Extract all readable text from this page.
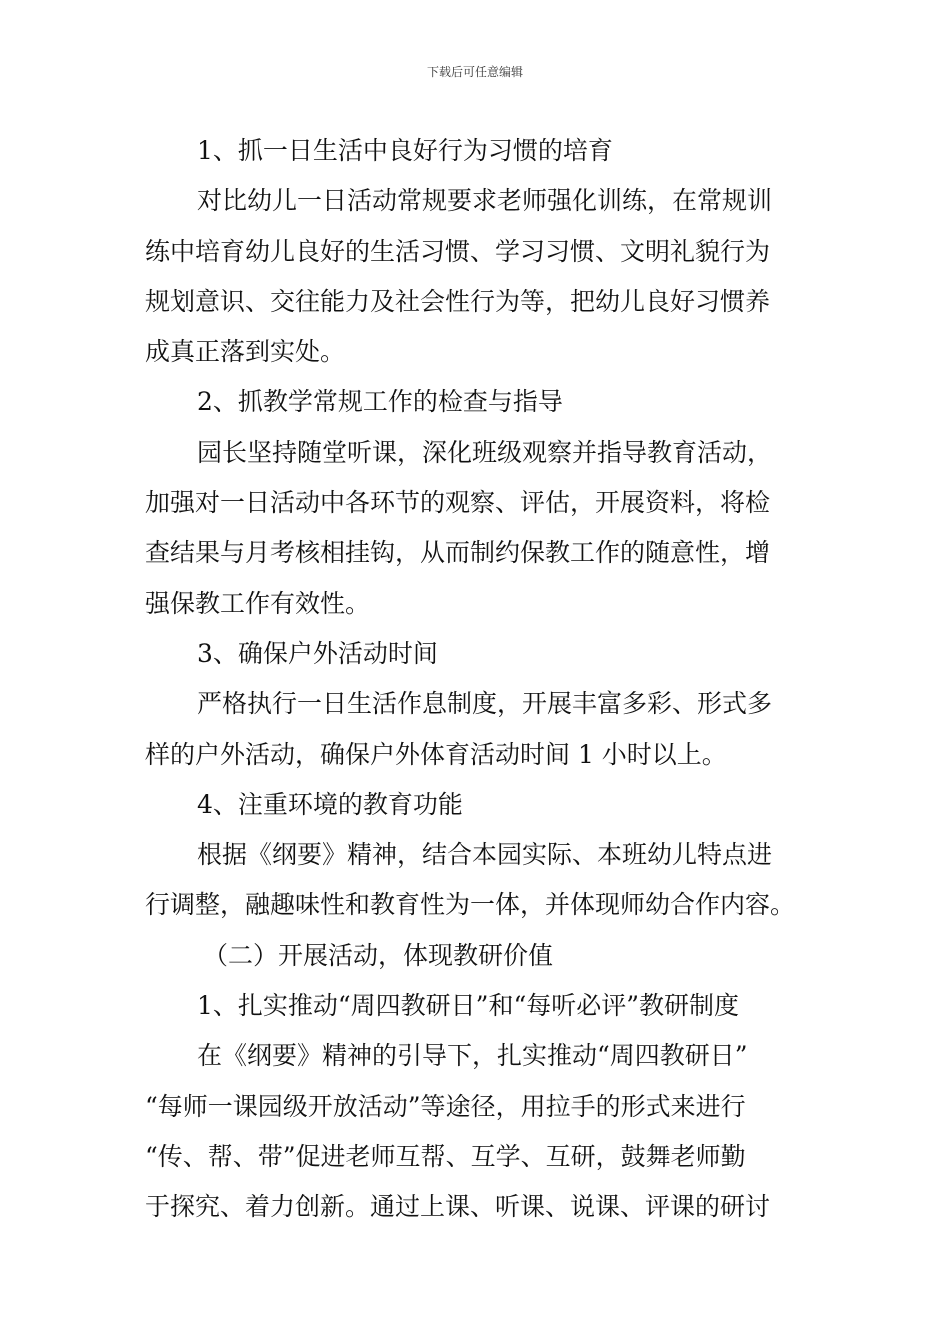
下载后可任意编辑
1、抓一日生活中良好行为习惯的培育
对比幼儿一日活动常规要求老师强化训练，在常规训
练中培育幼儿良好的生活习惯、学习习惯、文明礼貌行为
规划意识、交往能力及社会性行为等，把幼儿良好习惯养
成真正落到实处。
2、抓教学常规工作的检查与指导
园长坚持随堂听课，深化班级观察并指导教育活动，
加强对一日活动中各环节的观察、评估，开展资料，将检
查结果与月考核相挂钩，从而制约保教工作的随意性，增
强保教工作有效性。
3、确保户外活动时间
严格执行一日生活作息制度，开展丰富多彩、形式多
样的户外活动，确保户外体育活动时间 1 小时以上。
4、注重环境的教育功能
根据《纲要》精神，结合本园实际、本班幼儿特点进
行调整，融趣味性和教育性为一体，并体现师幼合作内容。
（二）开展活动，体现教研价值
1、扎实推动“周四教研日”和“每听必评”教研制度
在《纲要》精神的引导下，扎实推动“周四教研日”
“每师一课园级开放活动”等途径，用拉手的形式来进行
“传、帮、带”促进老师互帮、互学、互研，鼓舞老师勤
于探究、着力创新。通过上课、听课、说课、评课的研讨
